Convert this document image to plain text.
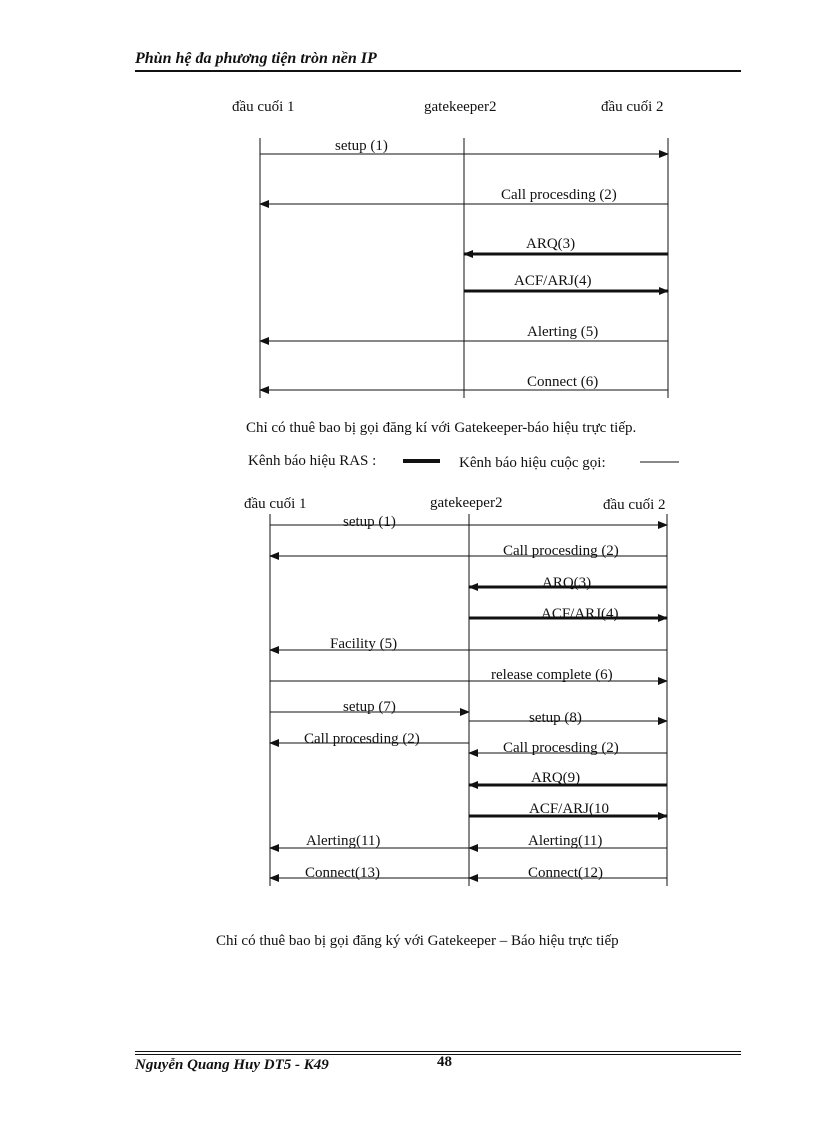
Phùn hệ đa phương tiện tròn nền IP
đầu cuối 1	gatekeeper2	đầu cuối 2
setup (1)
Call procesding (2)
ARQ(3)
ACF/ARJ(4)
Alerting (5)
Connect (6)
Chỉ có thuê bao bị gọi đăng kí với Gatekeeper-báo hiệu trực tiếp.
Kênh báo hiệu RAS :	Kênh báo hiệu cuộc gọi:
đầu cuối 1	gatekeeper2	đầu cuối 2
setup (1)
Call procesding (2)
ARQ(3)
ACF/ARJ(4)
Facility (5)
release complete (6)
setup (7)
setup (8)
Call procesding (2)
Call procesding (2)
ARQ(9)
ACF/ARJ(10
Alerting(11)	Alerting(11)
Connect(13)	Connect(12)
Chỉ có thuê bao bị gọi đăng ký với Gatekeeper – Báo hiệu trực tiếp
Nguyễn Quang Huy DT5 - K49	48
